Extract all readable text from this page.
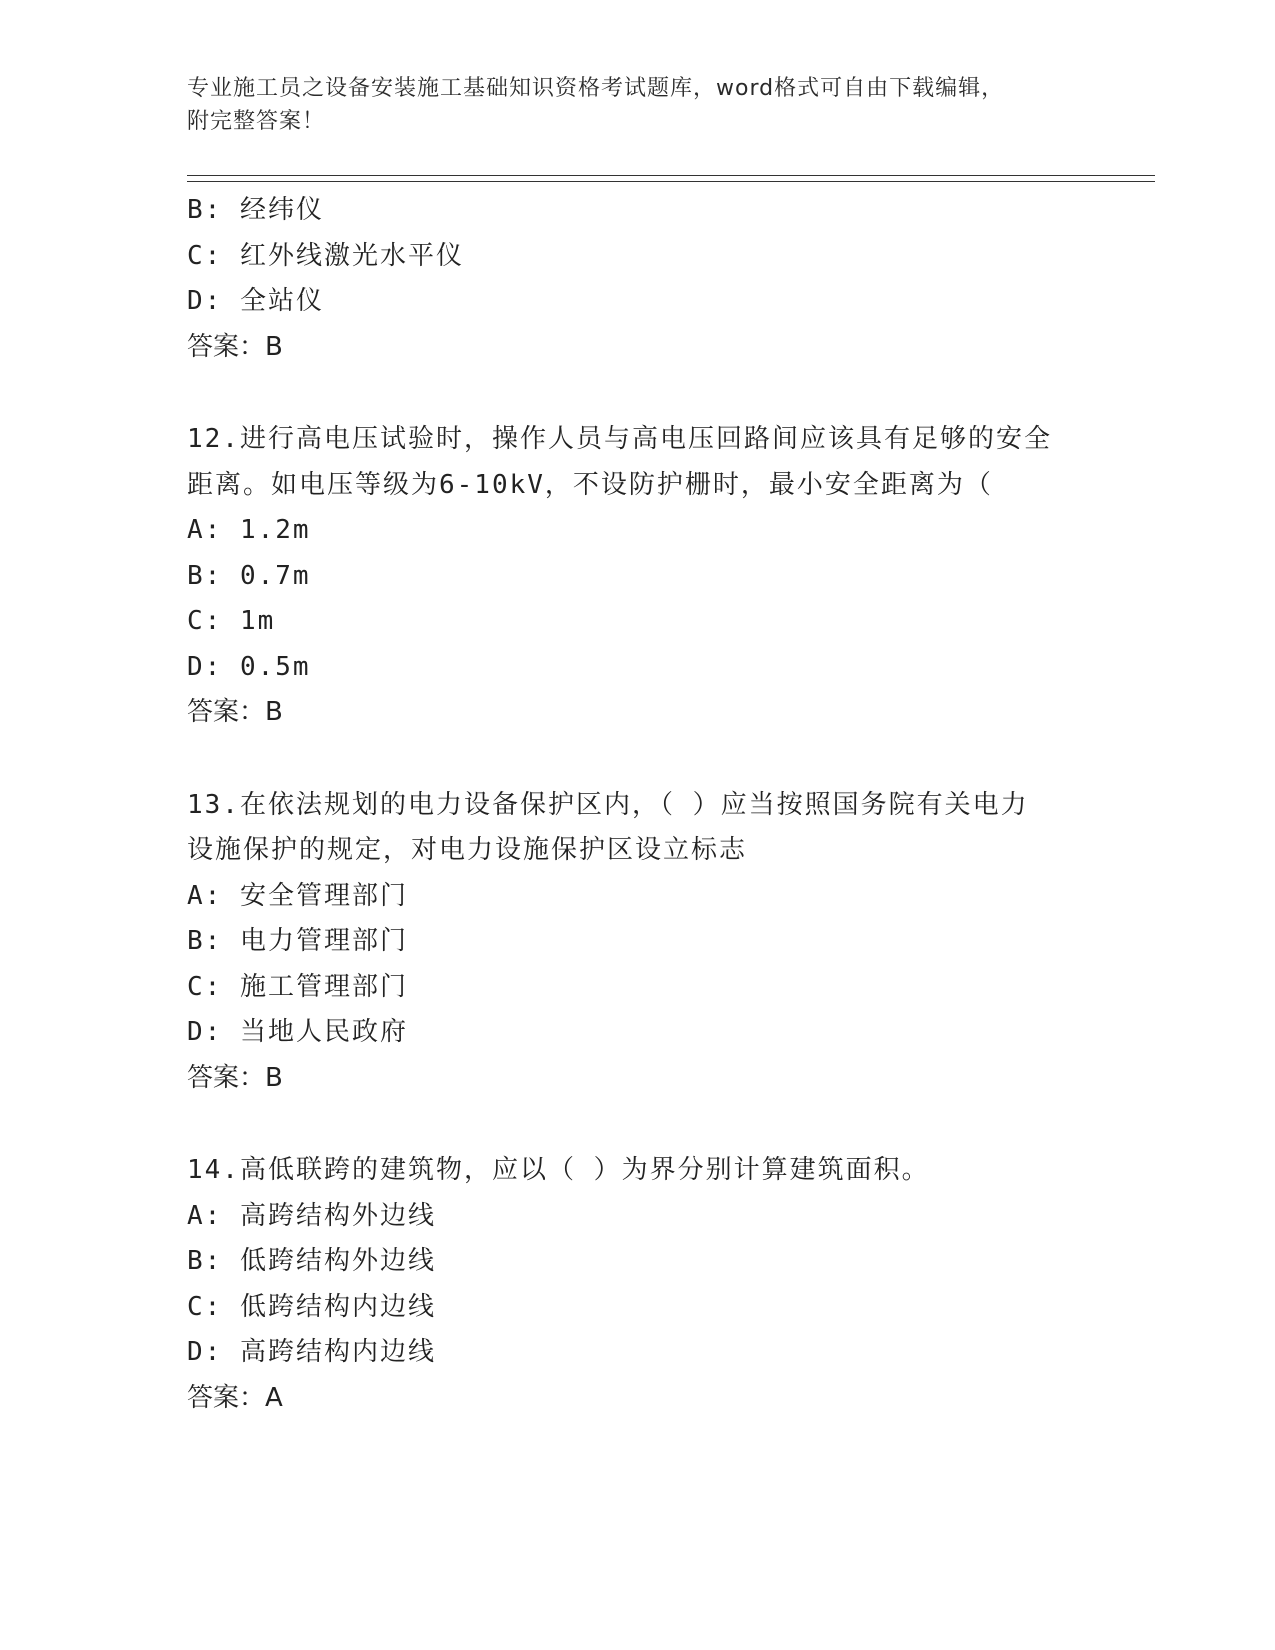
专业施工员之设备安装施工基础知识资格考试题库，word格式可自由下载编辑，
附完整答案！
B: 经纬仪
C: 红外线激光水平仪
D: 全站仪
答案：B
12.进行高电压试验时，操作人员与高电压回路间应该具有足够的安全
距离。如电压等级为6-10kV，不设防护栅时，最小安全距离为（
A: 1.2m
B: 0.7m
C: 1m
D: 0.5m
答案：B
13.在依法规划的电力设备保护区内，（ ）应当按照国务院有关电力
设施保护的规定，对电力设施保护区设立标志
A: 安全管理部门
B: 电力管理部门
C: 施工管理部门
D: 当地人民政府
答案：B
14.高低联跨的建筑物，应以（ ）为界分别计算建筑面积。
A: 高跨结构外边线
B: 低跨结构外边线
C: 低跨结构内边线
D: 高跨结构内边线
答案：A
